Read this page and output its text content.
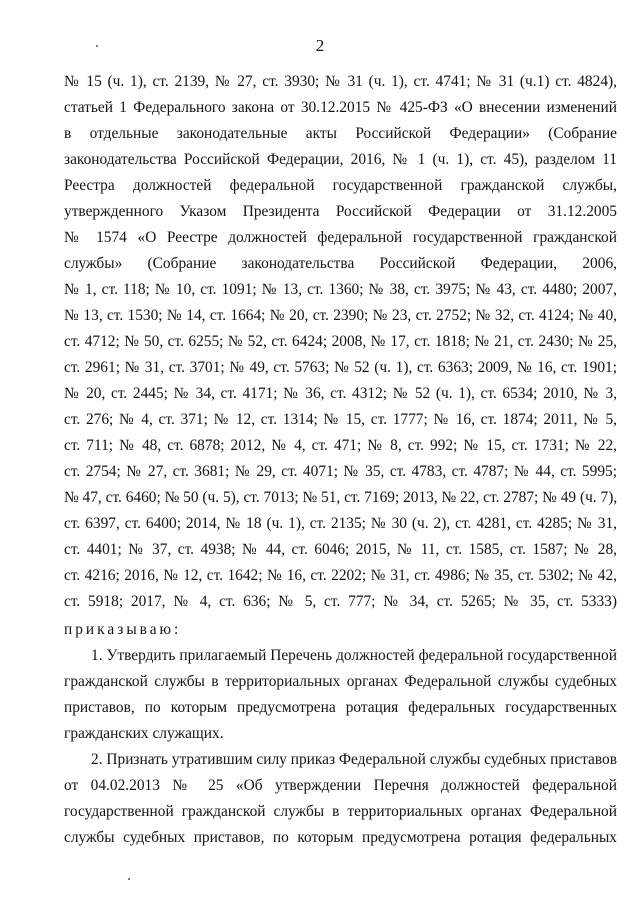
2
№ 15 (ч. 1), ст. 2139, № 27, ст. 3930; № 31 (ч. 1), ст. 4741; № 31 (ч.1) ст. 4824),
статьей 1 Федерального закона от 30.12.2015 № 425-ФЗ «О внесении изменений
в отдельные законодательные акты Российской Федерации» (Собрание
законодательства Российской Федерации, 2016, № 1 (ч. 1), ст. 45), разделом 11
Реестра должностей федеральной государственной гражданской службы,
утвержденного Указом Президента Российской Федерации от 31.12.2005
№ 1574 «О Реестре должностей федеральной государственной гражданской
службы» (Собрание законодательства Российской Федерации, 2006,
№ 1, ст. 118; № 10, ст. 1091; № 13, ст. 1360; № 38, ст. 3975; № 43, ст. 4480; 2007,
№ 13, ст. 1530; № 14, ст. 1664; № 20, ст. 2390; № 23, ст. 2752; № 32, ст. 4124; № 40,
ст. 4712; № 50, ст. 6255; № 52, ст. 6424; 2008, № 17, ст. 1818; № 21, ст. 2430; № 25,
ст. 2961; № 31, ст. 3701; № 49, ст. 5763; № 52 (ч. 1), ст. 6363; 2009, № 16, ст. 1901;
№ 20, ст. 2445; № 34, ст. 4171; № 36, ст. 4312; № 52 (ч. 1), ст. 6534; 2010, № 3,
ст. 276; № 4, ст. 371; № 12, ст. 1314; № 15, ст. 1777; № 16, ст. 1874; 2011, № 5,
ст. 711; № 48, ст. 6878; 2012, № 4, ст. 471; № 8, ст. 992; № 15, ст. 1731; № 22,
ст. 2754; № 27, ст. 3681; № 29, ст. 4071; № 35, ст. 4783, ст. 4787; № 44, ст. 5995;
№ 47, ст. 6460; № 50 (ч. 5), ст. 7013; № 51, ст. 7169; 2013, № 22, ст. 2787; № 49 (ч. 7),
ст. 6397, ст. 6400; 2014, № 18 (ч. 1), ст. 2135; № 30 (ч. 2), ст. 4281, ст. 4285; № 31,
ст. 4401; № 37, ст. 4938; № 44, ст. 6046; 2015, № 11, ст. 1585, ст. 1587; № 28,
ст. 4216; 2016, № 12, ст. 1642; № 16, ст. 2202; № 31, ст. 4986; № 35, ст. 5302; № 42,
ст. 5918; 2017, № 4, ст. 636; № 5, ст. 777; № 34, ст. 5265; № 35, ст. 5333)
приказываю:
1. Утвердить прилагаемый Перечень должностей федеральной государственной
гражданской службы в территориальных органах Федеральной службы судебных
приставов, по которым предусмотрена ротация федеральных государственных
гражданских служащих.
2. Признать утратившим силу приказ Федеральной службы судебных приставов
от 04.02.2013 № 25 «Об утверждении Перечня должностей федеральной
государственной гражданской службы в территориальных органах Федеральной
службы судебных приставов, по которым предусмотрена ротация федеральных
